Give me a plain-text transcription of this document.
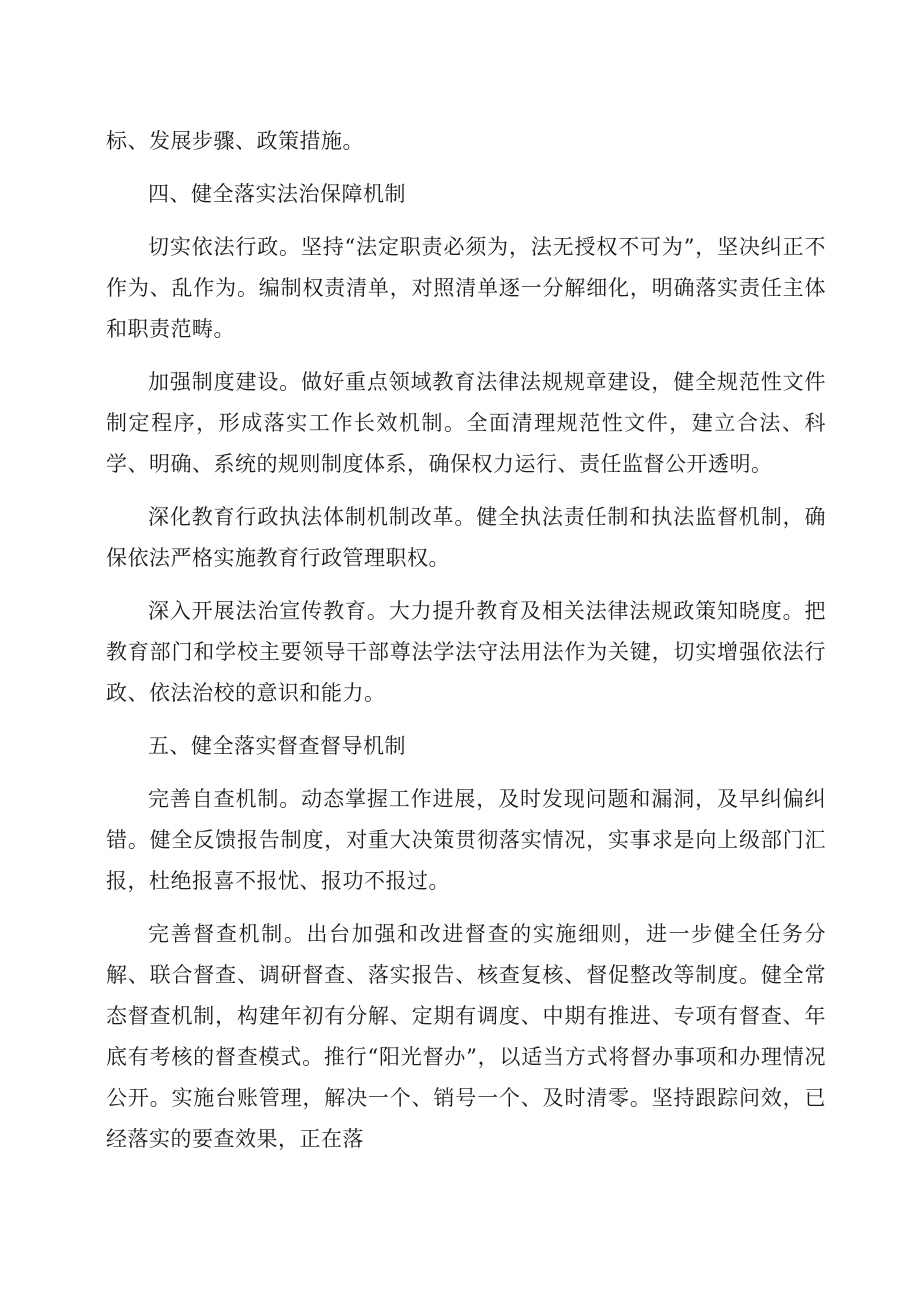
标、发展步骤、政策措施。

四、健全落实法治保障机制

切实依法行政。坚持“法定职责必须为，法无授权不可为”，坚决纠正不作为、乱作为。编制权责清单，对照清单逐一分解细化，明确落实责任主体和职责范畴。

加强制度建设。做好重点领域教育法律法规规章建设，健全规范性文件制定程序，形成落实工作长效机制。全面清理规范性文件，建立合法、科学、明确、系统的规则制度体系，确保权力运行、责任监督公开透明。

深化教育行政执法体制机制改革。健全执法责任制和执法监督机制，确保依法严格实施教育行政管理职权。

深入开展法治宣传教育。大力提升教育及相关法律法规政策知晓度。把教育部门和学校主要领导干部尊法学法守法用法作为关键，切实增强依法行政、依法治校的意识和能力。

五、健全落实督查督导机制

完善自查机制。动态掌握工作进展，及时发现问题和漏洞，及早纠偏纠错。健全反馈报告制度，对重大决策贯彻落实情况，实事求是向上级部门汇报，杜绝报喜不报忧、报功不报过。

完善督查机制。出台加强和改进督查的实施细则，进一步健全任务分解、联合督查、调研督查、落实报告、核查复核、督促整改等制度。健全常态督查机制，构建年初有分解、定期有调度、中期有推进、专项有督查、年底有考核的督查模式。推行“阳光督办”，以适当方式将督办事项和办理情况公开。实施台账管理，解决一个、销号一个、及时清零。坚持跟踪问效，已经落实的要查效果，正在落
